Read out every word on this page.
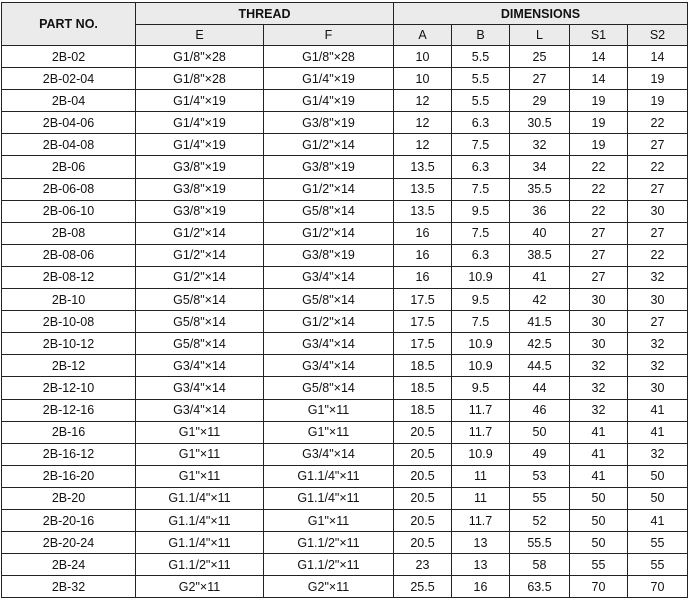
PART NO.	THREAD		DIMENSIONS				
	E	F	A	B	L	S1	S2
2B-02	G1/8"×28	G1/8"×28	10	5.5	25	14	14
2B-02-04	G1/8"×28	G1/4"×19	10	5.5	27	14	19
2B-04	G1/4"×19	G1/4"×19	12	5.5	29	19	19
2B-04-06	G1/4"×19	G3/8"×19	12	6.3	30.5	19	22
2B-04-08	G1/4"×19	G1/2"×14	12	7.5	32	19	27
2B-06	G3/8"×19	G3/8"×19	13.5	6.3	34	22	22
2B-06-08	G3/8"×19	G1/2"×14	13.5	7.5	35.5	22	27
2B-06-10	G3/8"×19	G5/8"×14	13.5	9.5	36	22	30
2B-08	G1/2"×14	G1/2"×14	16	7.5	40	27	27
2B-08-06	G1/2"×14	G3/8"×19	16	6.3	38.5	27	22
2B-08-12	G1/2"×14	G3/4"×14	16	10.9	41	27	32
2B-10	G5/8"×14	G5/8"×14	17.5	9.5	42	30	30
2B-10-08	G5/8"×14	G1/2"×14	17.5	7.5	41.5	30	27
2B-10-12	G5/8"×14	G3/4"×14	17.5	10.9	42.5	30	32
2B-12	G3/4"×14	G3/4"×14	18.5	10.9	44.5	32	32
2B-12-10	G3/4"×14	G5/8"×14	18.5	9.5	44	32	30
2B-12-16	G3/4"×14	G1"×11	18.5	11.7	46	32	41
2B-16	G1"×11	G1"×11	20.5	11.7	50	41	41
2B-16-12	G1"×11	G3/4"×14	20.5	10.9	49	41	32
2B-16-20	G1"×11	G1.1/4"×11	20.5	11	53	41	50
2B-20	G1.1/4"×11	G1.1/4"×11	20.5	11	55	50	50
2B-20-16	G1.1/4"×11	G1"×11	20.5	11.7	52	50	41
2B-20-24	G1.1/4"×11	G1.1/2"×11	20.5	13	55.5	50	55
2B-24	G1.1/2"×11	G1.1/2"×11	23	13	58	55	55
2B-32	G2"×11	G2"×11	25.5	16	63.5	70	70
